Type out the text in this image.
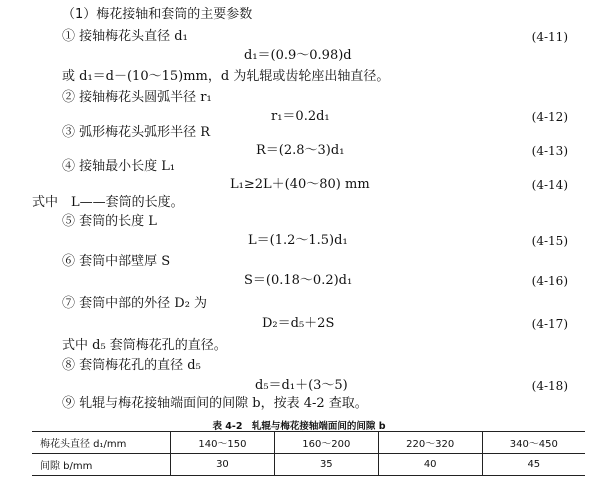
（1）梅花接轴和套筒的主要参数
① 接轴梅花头直径 d₁	(4-11)
d₁＝(0.9～0.98)d
或 d₁＝d－(10～15)mm，d 为轧辊或齿轮座出轴直径。
② 接轴梅花头圆弧半径 r₁
r₁＝0.2d₁	(4-12)
③ 弧形梅花头弧形半径 R
R＝(2.8～3)d₁	(4-13)
④ 接轴最小长度 L₁
L₁≥2L＋(40～80) mm	(4-14)
式中　L——套筒的长度。
⑤ 套筒的长度 L
L＝(1.2～1.5)d₁	(4-15)
⑥ 套筒中部壁厚 S
S＝(0.18～0.2)d₁	(4-16)
⑦ 套筒中部的外径 D₂ 为
D₂＝d₅＋2S	(4-17)
式中 d₅ 套筒梅花孔的直径。
⑧ 套筒梅花孔的直径 d₅
d₅＝d₁＋(3～5)	(4-18)
⑨ 轧辊与梅花接轴端面间的间隙 b，按表 4-2 查取。
表 4-2　轧辊与梅花接轴端面间的间隙 b
梅花头直径 d₁/mm	140～150	160～200	220～320	340～450
间隙 b/mm	30	35	40	45
